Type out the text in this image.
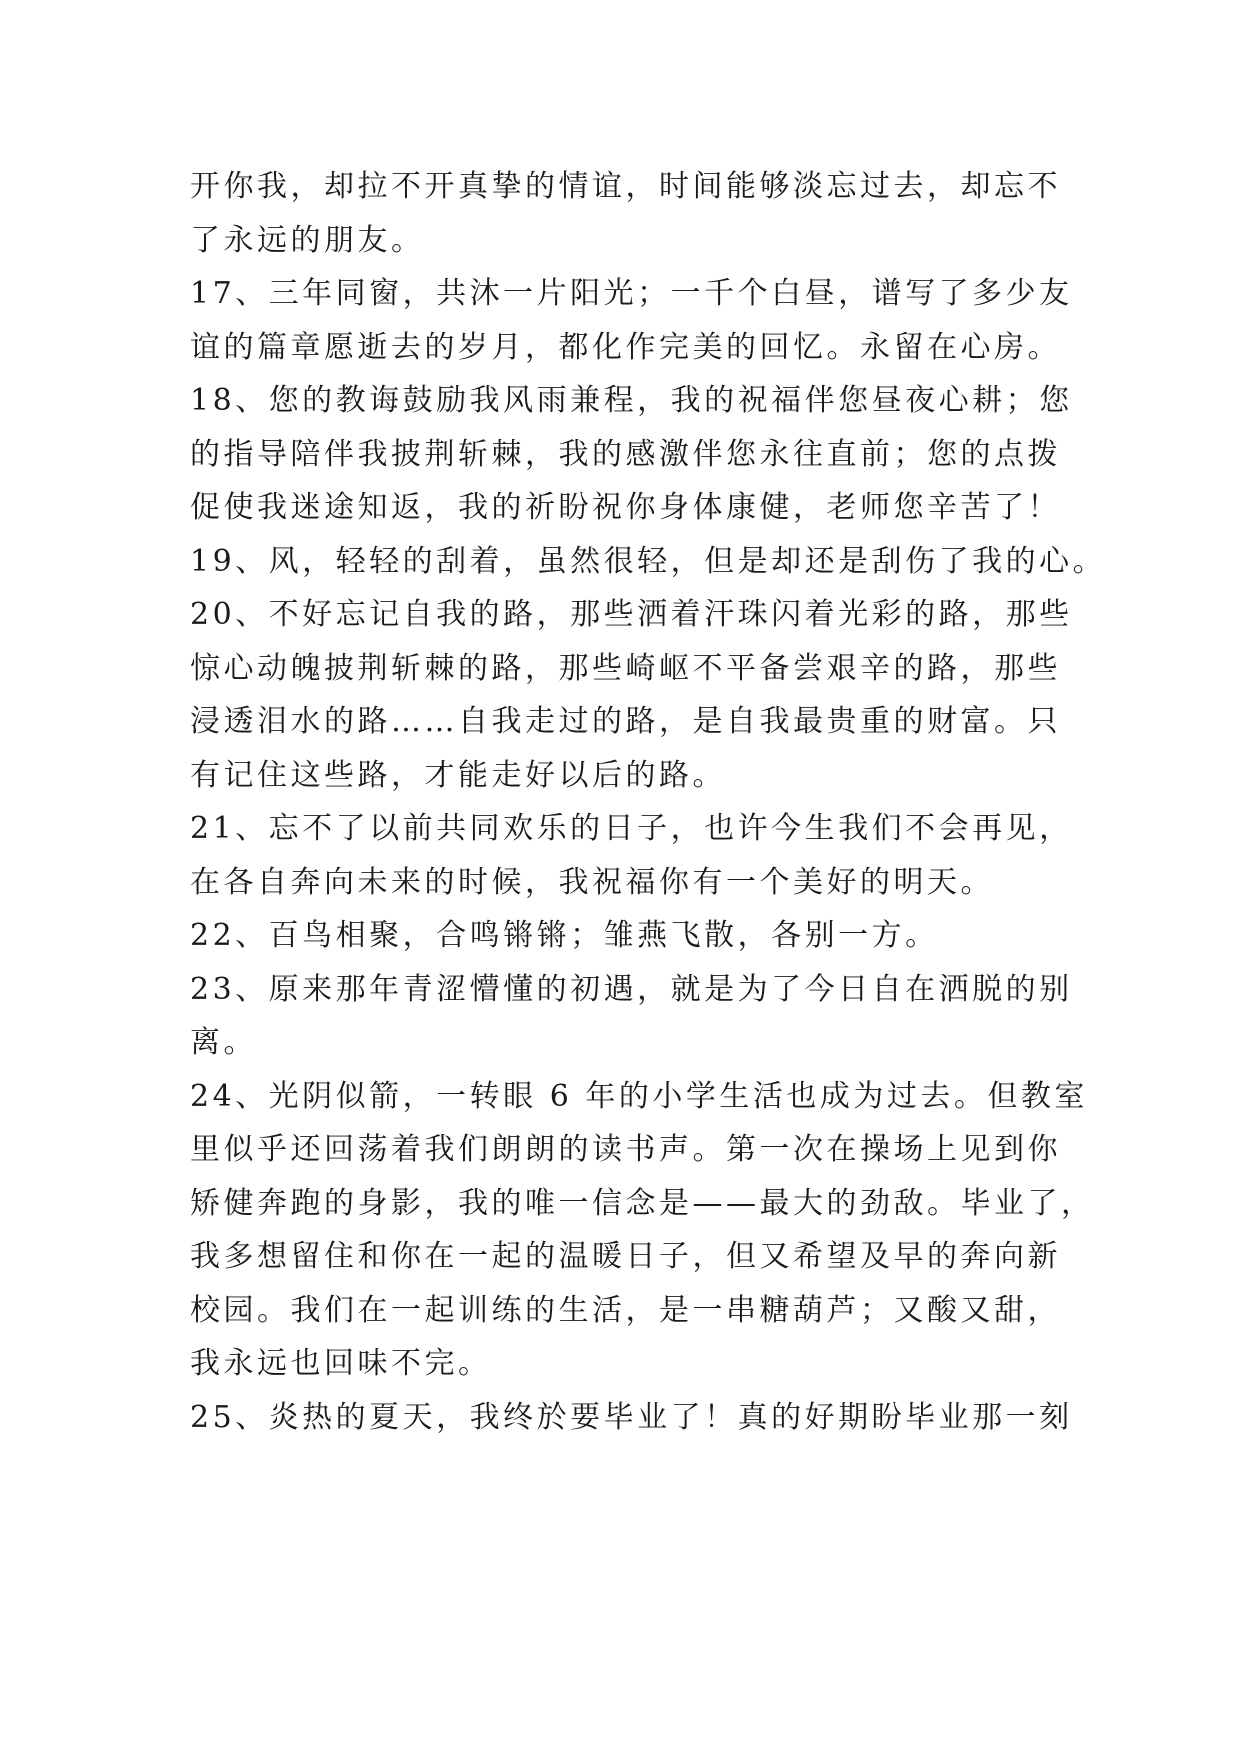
开你我，却拉不开真挚的情谊，时间能够淡忘过去，却忘不
了永远的朋友。
17、三年同窗，共沐一片阳光；一千个白昼，谱写了多少友
谊的篇章愿逝去的岁月，都化作完美的回忆。永留在心房。
18、您的教诲鼓励我风雨兼程，我的祝福伴您昼夜心耕；您
的指导陪伴我披荆斩棘，我的感激伴您永往直前；您的点拨
促使我迷途知返，我的祈盼祝你身体康健，老师您辛苦了！
19、风，轻轻的刮着，虽然很轻，但是却还是刮伤了我的心。
20、不好忘记自我的路，那些洒着汗珠闪着光彩的路，那些
惊心动魄披荆斩棘的路，那些崎岖不平备尝艰辛的路，那些
浸透泪水的路……自我走过的路，是自我最贵重的财富。只
有记住这些路，才能走好以后的路。
21、忘不了以前共同欢乐的日子，也许今生我们不会再见，
在各自奔向未来的时候，我祝福你有一个美好的明天。
22、百鸟相聚，合鸣锵锵；雏燕飞散，各别一方。
23、原来那年青涩懵懂的初遇，就是为了今日自在洒脱的别
离。
24、光阴似箭，一转眼 6 年的小学生活也成为过去。但教室
里似乎还回荡着我们朗朗的读书声。第一次在操场上见到你
矫健奔跑的身影，我的唯一信念是——最大的劲敌。毕业了，
我多想留住和你在一起的温暖日子，但又希望及早的奔向新
校园。我们在一起训练的生活，是一串糖葫芦；又酸又甜，
我永远也回味不完。
25、炎热的夏天，我终於要毕业了！真的好期盼毕业那一刻
